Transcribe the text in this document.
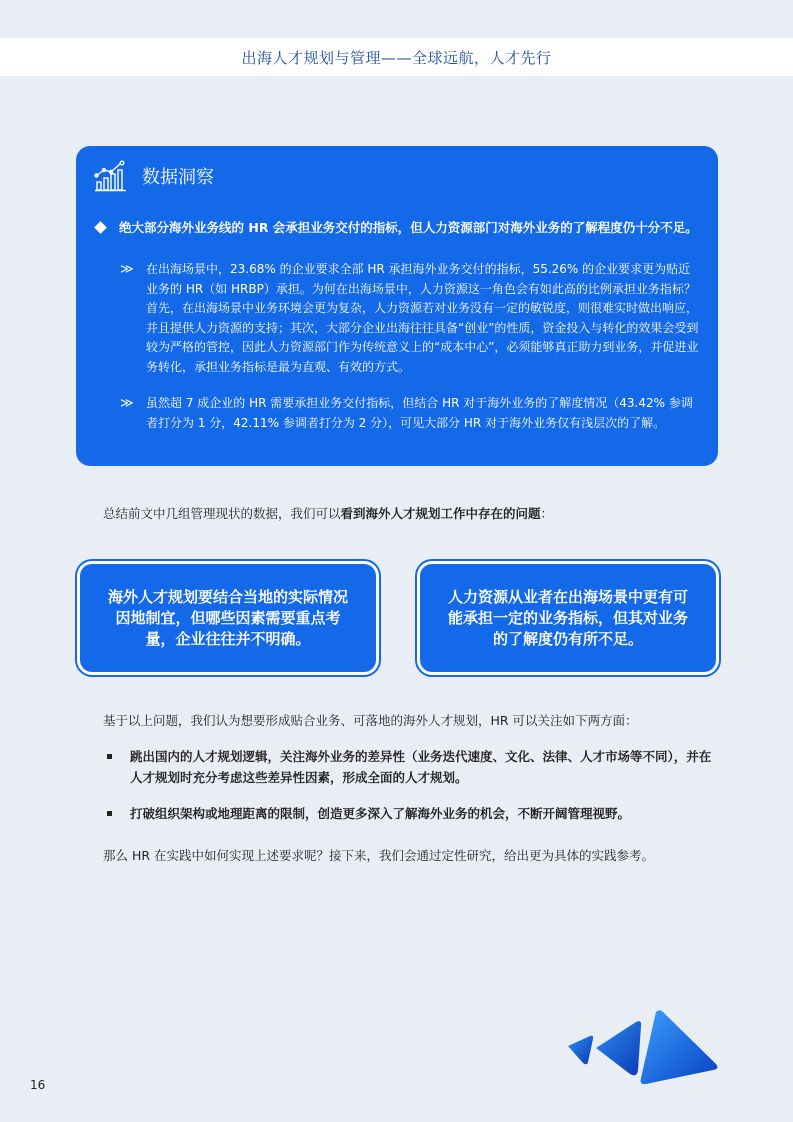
出海人才规划与管理——全球远航，人才先行
数据洞察
绝大部分海外业务线的 HR 会承担业务交付的指标，但人力资源部门对海外业务的了解程度仍十分不足。
≫	在出海场景中，23.68% 的企业要求全部 HR 承担海外业务交付的指标，55.26% 的企业要求更为贴近业务的 HR（如 HRBP）承担。为何在出海场景中，人力资源这一角色会有如此高的比例承担业务指标？首先，在出海场景中业务环境会更为复杂，人力资源若对业务没有一定的敏锐度，则很难实时做出响应，并且提供人力资源的支持；其次，大部分企业出海往往具备“创业”的性质，资金投入与转化的效果会受到较为严格的管控，因此人力资源部门作为传统意义上的“成本中心”，必须能够真正助力到业务，并促进业务转化，承担业务指标是最为直观、有效的方式。
≫	虽然超 7 成企业的 HR 需要承担业务交付指标，但结合 HR 对于海外业务的了解度情况（43.42% 参调者打分为 1 分，42.11% 参调者打分为 2 分），可见大部分 HR 对于海外业务仅有浅层次的了解。
总结前文中几组管理现状的数据，我们可以看到海外人才规划工作中存在的问题：
海外人才规划要结合当地的实际情况因地制宜，但哪些因素需要重点考量，企业往往并不明确。
人力资源从业者在出海场景中更有可能承担一定的业务指标，但其对业务的了解度仍有所不足。
基于以上问题，我们认为想要形成贴合业务、可落地的海外人才规划，HR 可以关注如下两方面：
跳出国内的人才规划逻辑，关注海外业务的差异性（业务迭代速度、文化、法律、人才市场等不同），并在人才规划时充分考虑这些差异性因素，形成全面的人才规划。
打破组织架构或地理距离的限制，创造更多深入了解海外业务的机会，不断开阔管理视野。
那么 HR 在实践中如何实现上述要求呢？接下来，我们会通过定性研究，给出更为具体的实践参考。
16
